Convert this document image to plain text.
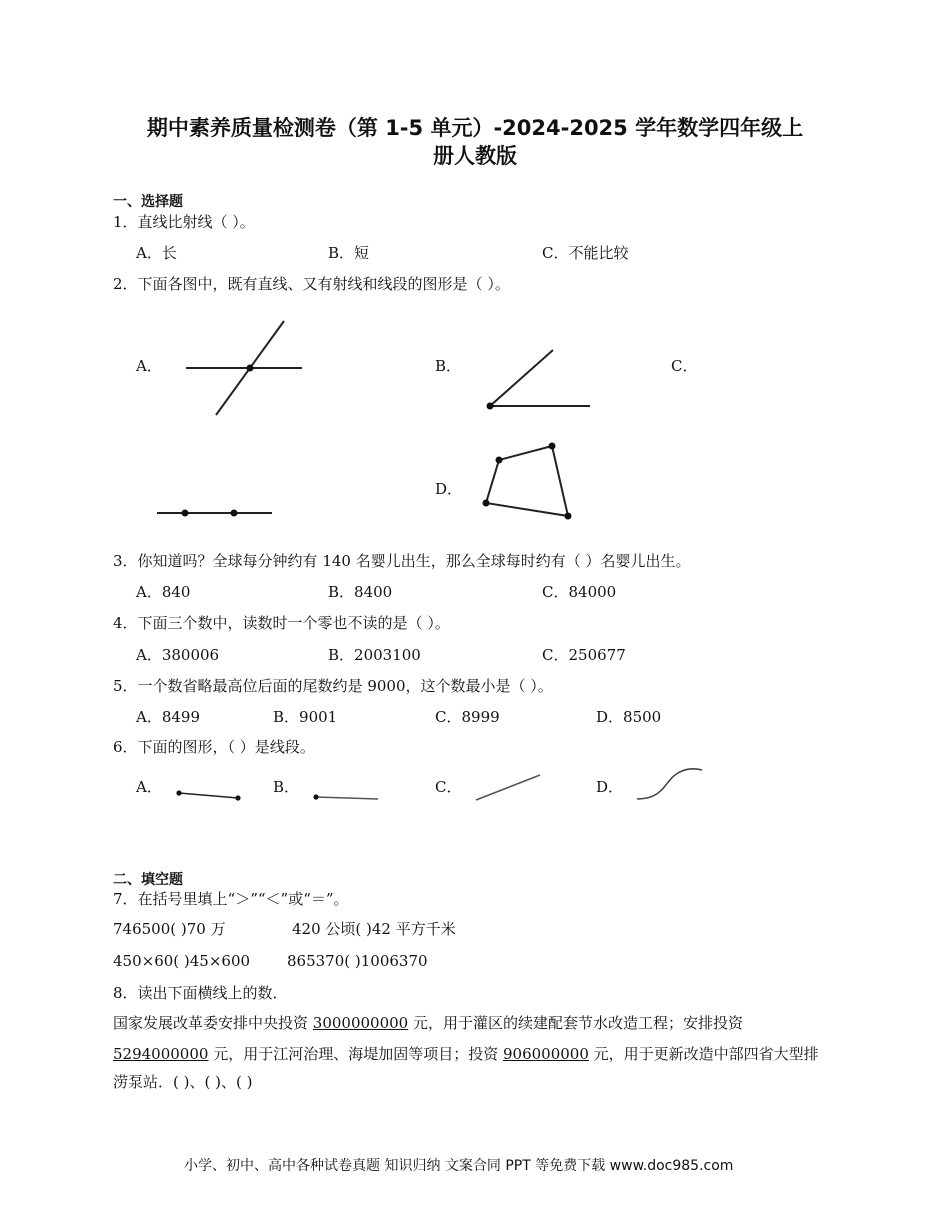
期中素养质量检测卷（第 1-5 单元）-2024-2025 学年数学四年级上
册人教版
一、选择题
1．直线比射线（ ）。
A．长	B．短	C．不能比较
2．下面各图中，既有直线、又有射线和线段的图形是（ ）。
A．	B．	C．
D．
3．你知道吗？全球每分钟约有 140 名婴儿出生，那么全球每时约有（ ）名婴儿出生。
A．840	B．8400	C．84000
4．下面三个数中，读数时一个零也不读的是（ ）。
A．380006	B．2003100	C．250677
5．一个数省略最高位后面的尾数约是 9000，这个数最小是（ ）。
A．8499	B．9001	C．8999	D．8500
6．下面的图形，（ ）是线段。
A．	B．	C．	D．
二、填空题
7．在括号里填上“＞”“＜”或“＝”。
746500( )70 万	420 公顷( )42 平方千米
450×60( )45×600 865370( )1006370
8．读出下面横线上的数．
国家发展改革委安排中央投资 3000000000 元，用于灌区的续建配套节水改造工程；安排投资
5294000000 元，用于江河治理、海堤加固等项目；投资 906000000 元，用于更新改造中部四省大型排
涝泵站．( )、( )、( )
小学、初中、高中各种试卷真题 知识归纳 文案合同 PPT 等免费下载 www.doc985.com
